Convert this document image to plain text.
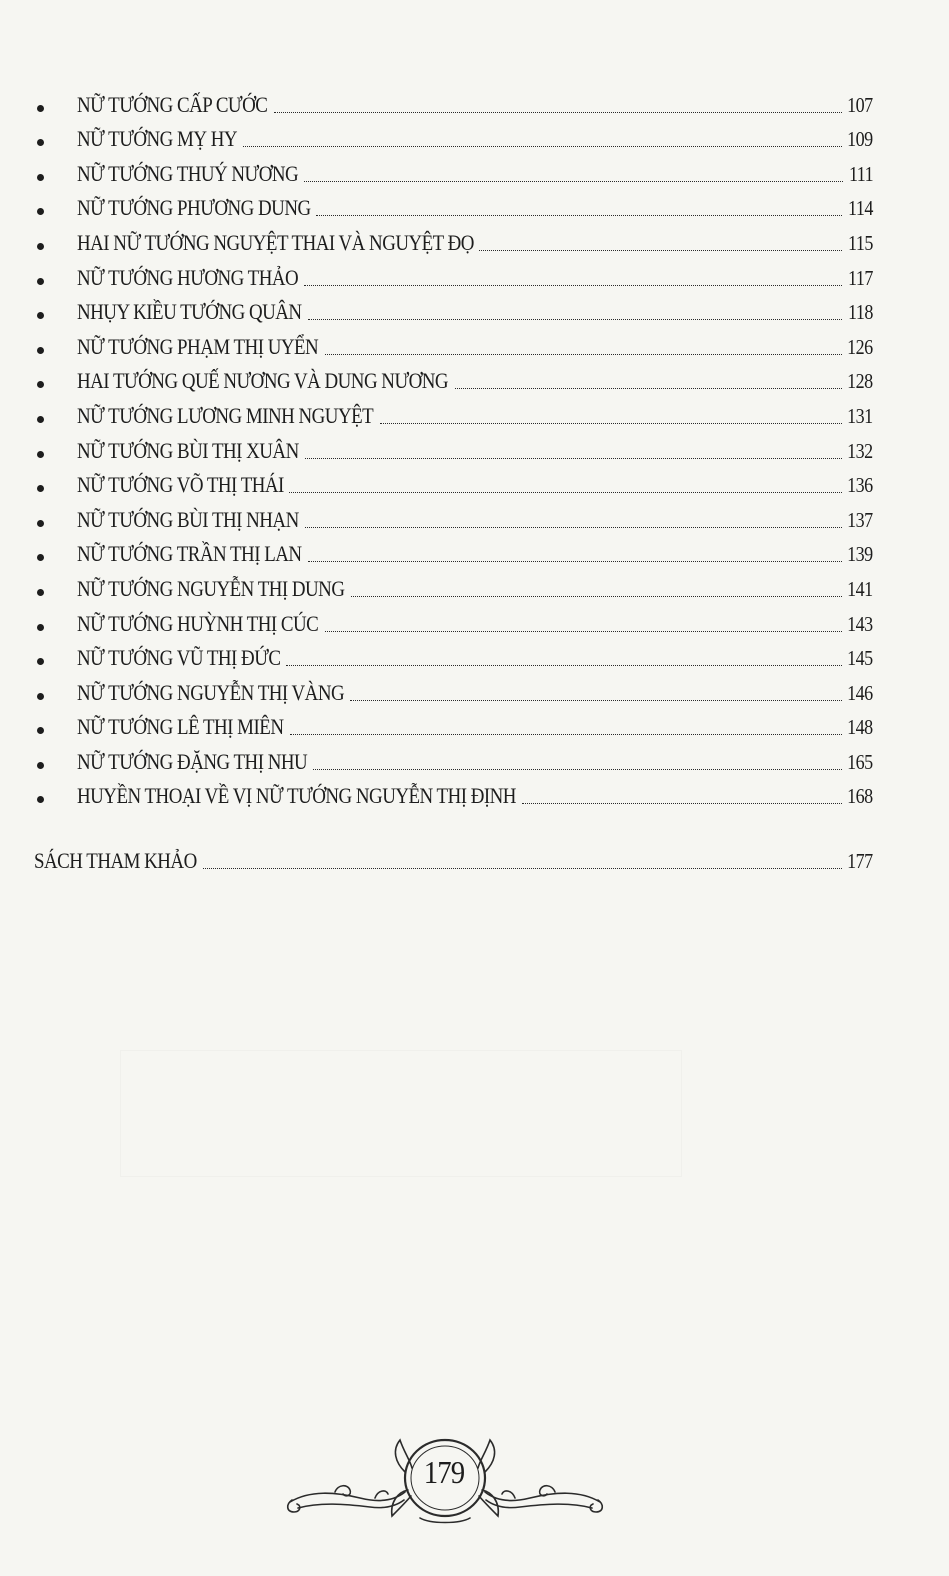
NỮ TƯỚNG CẤP CƯỚC	107
NỮ TƯỚNG MỴ HY	109
NỮ TƯỚNG THUÝ NƯƠNG	111
NỮ TƯỚNG PHƯƠNG DUNG	114
HAI NỮ TƯỚNG NGUYỆT THAI VÀ NGUYỆT ĐỌ	115
NỮ TƯỚNG HƯƠNG THẢO	117
NHỤY KIỀU TƯỚNG QUÂN	118
NỮ TƯỚNG PHẠM THỊ UYỂN	126
HAI TƯỚNG QUẾ NƯƠNG VÀ DUNG NƯƠNG	128
NỮ TƯỚNG LƯƠNG MINH NGUYỆT	131
NỮ TƯỚNG BÙI THỊ XUÂN	132
NỮ TƯỚNG VÕ THỊ THÁI	136
NỮ TƯỚNG BÙI THỊ NHẠN	137
NỮ TƯỚNG TRẦN THỊ LAN	139
NỮ TƯỚNG NGUYỄN THỊ DUNG	141
NỮ TƯỚNG HUỲNH THỊ CÚC	143
NỮ TƯỚNG VŨ THỊ ĐỨC	145
NỮ TƯỚNG NGUYỄN THỊ VÀNG	146
NỮ TƯỚNG LÊ THỊ MIÊN	148
NỮ TƯỚNG ĐẶNG THỊ NHU	165
HUYỀN THOẠI VỀ VỊ NỮ TƯỚNG NGUYỄN THỊ ĐỊNH	168
SÁCH THAM KHẢO	177
179
